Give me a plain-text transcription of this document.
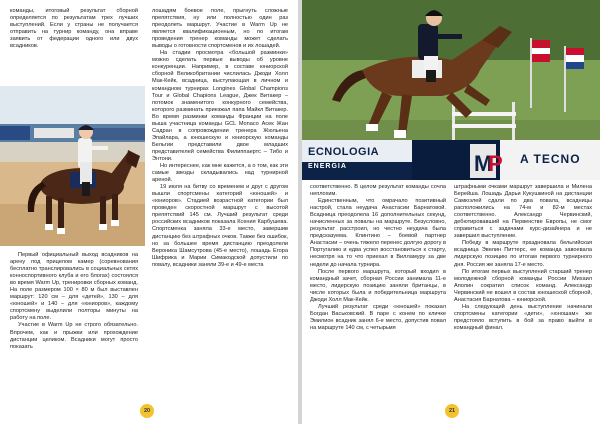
команды, итоговый результат сборной определяется по результатам трех лучших выступлений. Если у страны не получается отправить на турнир команду, она вправе заявить от федерации одного или двух всадников.

Первый официальный выход всадников на арену под прицелом камер (соревнования бесплатно транслировались в социальных сетях конноспортивного клуба и его блогах) состоялся во время Warm Up, тренировки сборных команд. На поле размером 100 × 80 м был выставлен маршрут: 120 см – для «детей», 130 – для «юношей» и 140 – для «юниоров», каждому спортсмену выделили полторы минуты на работу на поле.

Участие в Warm Up не строго обязательно. Впрочем, как и прыжки или прохождение дистанции целиком. Всадники могут просто показать

лошадям боевое поле, прыгнуть сложные препятствия, ну или полностью один раз преодолеть маршрут. Участие в Warm Up не является квалификационным, но по итогам проведения тренер команды может сделать выводы о готовности спортсменов и их лошадей.

На стадии просмотра «большой разминки» можно сделать первые выводы об уровне конкуренции. Например, в составе юниорской сборной Великобритании числилась Джоди Холл Мак-Кейк, всадница, выступающая в личном и командном турнирах Longines Global Champions Tour и Global Chapions League, Джек Витакер – потомок знаменитого конкурного семейства, которого разминать приезжал папа Майкл Витакер. Во время разминки команды Франции на поле выша участница команды GCL Monaco Асек Жан Садран в сопровождении тренера Жюльена Эпайлара, а юношескую и юниорскую команды Бельгии представили двое младших представителей семейства Филиппаертс – Тибо и Энтони.

Но интереснее, как мне кажется, а о том, как эти самые звезды складывались над турнирной ареной.

19 июля на битву со временем и друг с другом вышли спортсмены категорий «юношей» и «юниоров». Стадией возрастной категории был проведен скоростной маршрут с высотой препятствий 145 см. Лучший результат среди российских всадников показала Ксения Карбушева. Спортсменка заняла 33-е место, завершив дистанцию без штрафных очков. Также без ошибок, но за большее время дистанцию преодолели Вероника Шамсутрова (45-е место), лошадь Егора Шифрика и Марии Симакодской допустили по повалу, всадники заняли 39-е и 49-е места

20
M
P
ECNOLOGIA
ENERGIA
A TECNO

соответственно. В целом результат команды сочла неплохим.

Единственным, что омрачало позитивный настрой, стала неудача Анастасии Барнатовой. Всадница преодолела 16 дополнительных секунд, начисленных за повалы на маршруте. Безусловно, результат расстроил, но честно неудача была предсказуема. Клинтино – боевой партнер Анастасии – очень тяжело перенес долгую дорогу в Португалию и едва успел восстановиться к старту, несмотря на то что приехал в Вилламуру за две недели до начала турнира.

После первого маршрута, который входил в командный зачет, сборная России занимала 11-е место, лидерскую позицию заняли британцы, в числе которых была и победительница маршрута Джоди Холл Мак-Кейк.

Лучший результат среди «юношей» показал Богдан Васьковский. В паре с конем по кличке Эмилион всадник занял 6-е место, допустив повал на маршруте 140 см, с четырьмя

штрафными очками маршрут завершила и Милена Берейша. Лошадь Дарьи Кукушкиной на дистанции Самюэлей сдали по два повала, всадницы расположились на 74-м и 82-м местах соответственно. Александр Червинский, дебютировавший на Первенстве Европы, не смог справиться с задачами курс-дизайнера и не завершил выступление.

Победу в маршруте праздновала бельгийская всадница Эвелин Питтерс, ее команда завоевала лидерскую позицию по итогам первого турнирного дня. Россия же заняла 17-е место.

По итогам первых выступлений старший тренер молодежной сборной команды России Михаил Аполин сократил список команд. Александр Червинский не вошел в состав юношеской сборной, Анастасия Барнатова – юниорской.

На следующий день выступление начинали спортсмены категории «дети», «юношам» же предстояло вступить в бой за право выйти в командный финал.

21
